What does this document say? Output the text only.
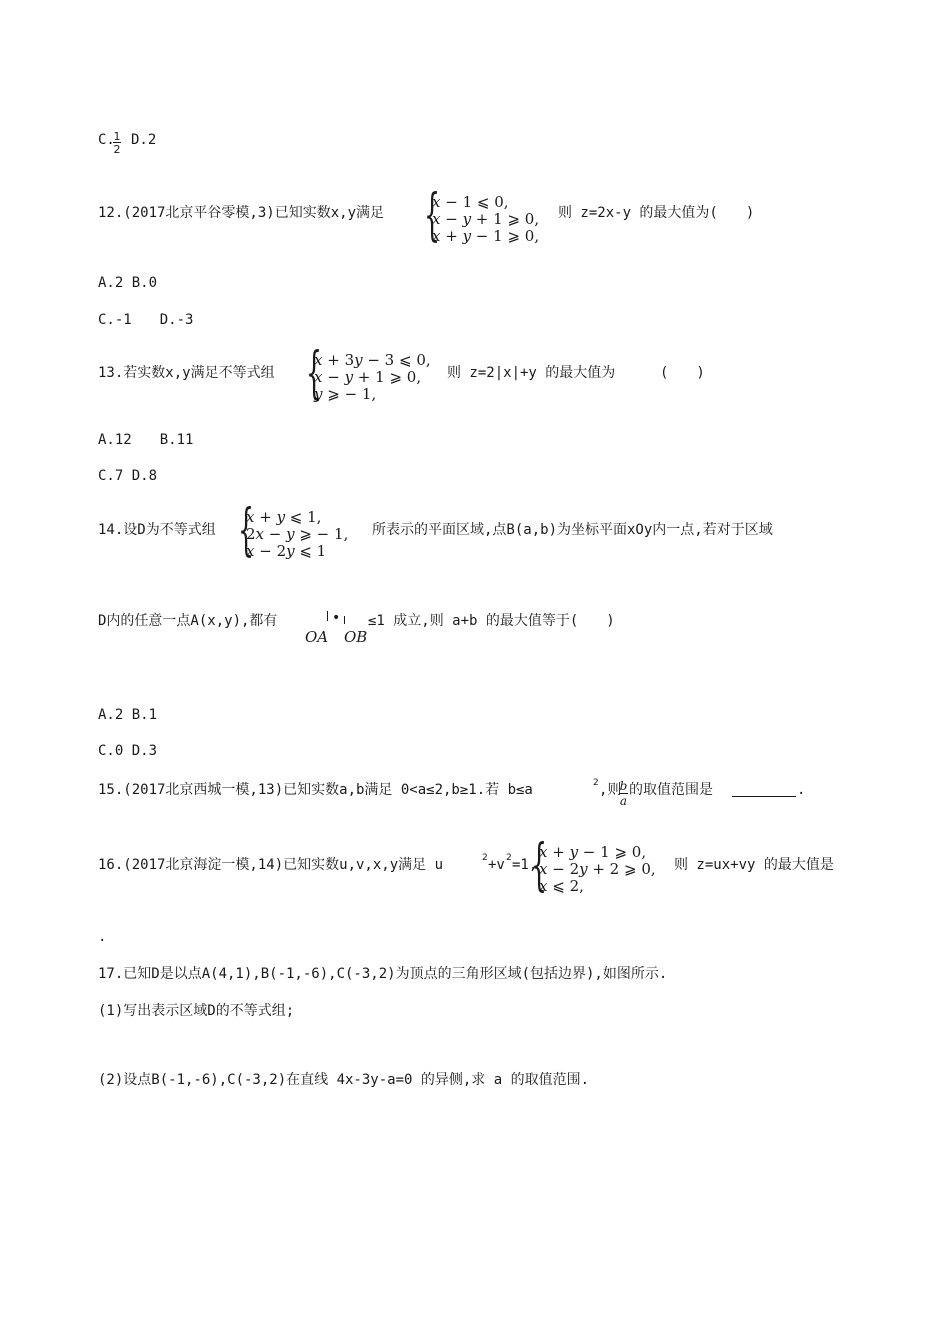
C.
$\frac{1}{2} D.2$
12.(2017北京平谷零模,3)已知实数x,y满足 {
𝑥 − 1 ⩽ 0,
𝑥 − 𝑦 + 1 ⩾ 0,
𝑥 + 𝑦 − 1 ⩾ 0,
则 z=2x-y 的最大值为(　　)
A.2 B.0
C.-1　　D.-3
13.若实数x,y满足不等式组 {
𝑥 + 3𝑦 − 3 ⩽ 0,
𝑥 − 𝑦 + 1 ⩾ 0,
𝑦 ⩾ − 1,
则 z=2|x|+y 的最大值为	(　　)
A.12　　B.11
C.7 D.8
14.设D为不等式组 {
𝑥 + 𝑦 ⩽ 1,
2𝑥 − 𝑦 ⩾ − 1,
𝑥 − 2𝑦 ⩽ 1
所表示的平面区域,点B(a,b)为坐标平面xOy内一点,若对于区域
D内的任意一点A(x,y),都有
𝑂𝐴
•
𝑂𝐵
≤1 成立,则 a+b 的最大值等于(　　)
A.2 B.1
C.0 D.3
15.(2017北京西城一模,13)已知实数a,b满足 0<a≤2,b≥1.若 b≤a	2 ,则
$\frac{b}{a}$ 的取值范围是	.
16.(2017北京海淀一模,14)已知实数u,v,x,y满足 u	2 +v 2 =1,
{
𝑥 + 𝑦 − 1 ⩾ 0,
𝑥 − 2𝑦 + 2 ⩾ 0,
𝑥 ⩽ 2,
则 z=ux+vy 的最大值是
.
17.已知D是以点A(4,1),B(-1,-6),C(-3,2)为顶点的三角形区域(包括边界),如图所示.
(1)写出表示区域D的不等式组;
(2)设点B(-1,-6),C(-3,2)在直线 4x-3y-a=0 的异侧,求 a 的取值范围.
